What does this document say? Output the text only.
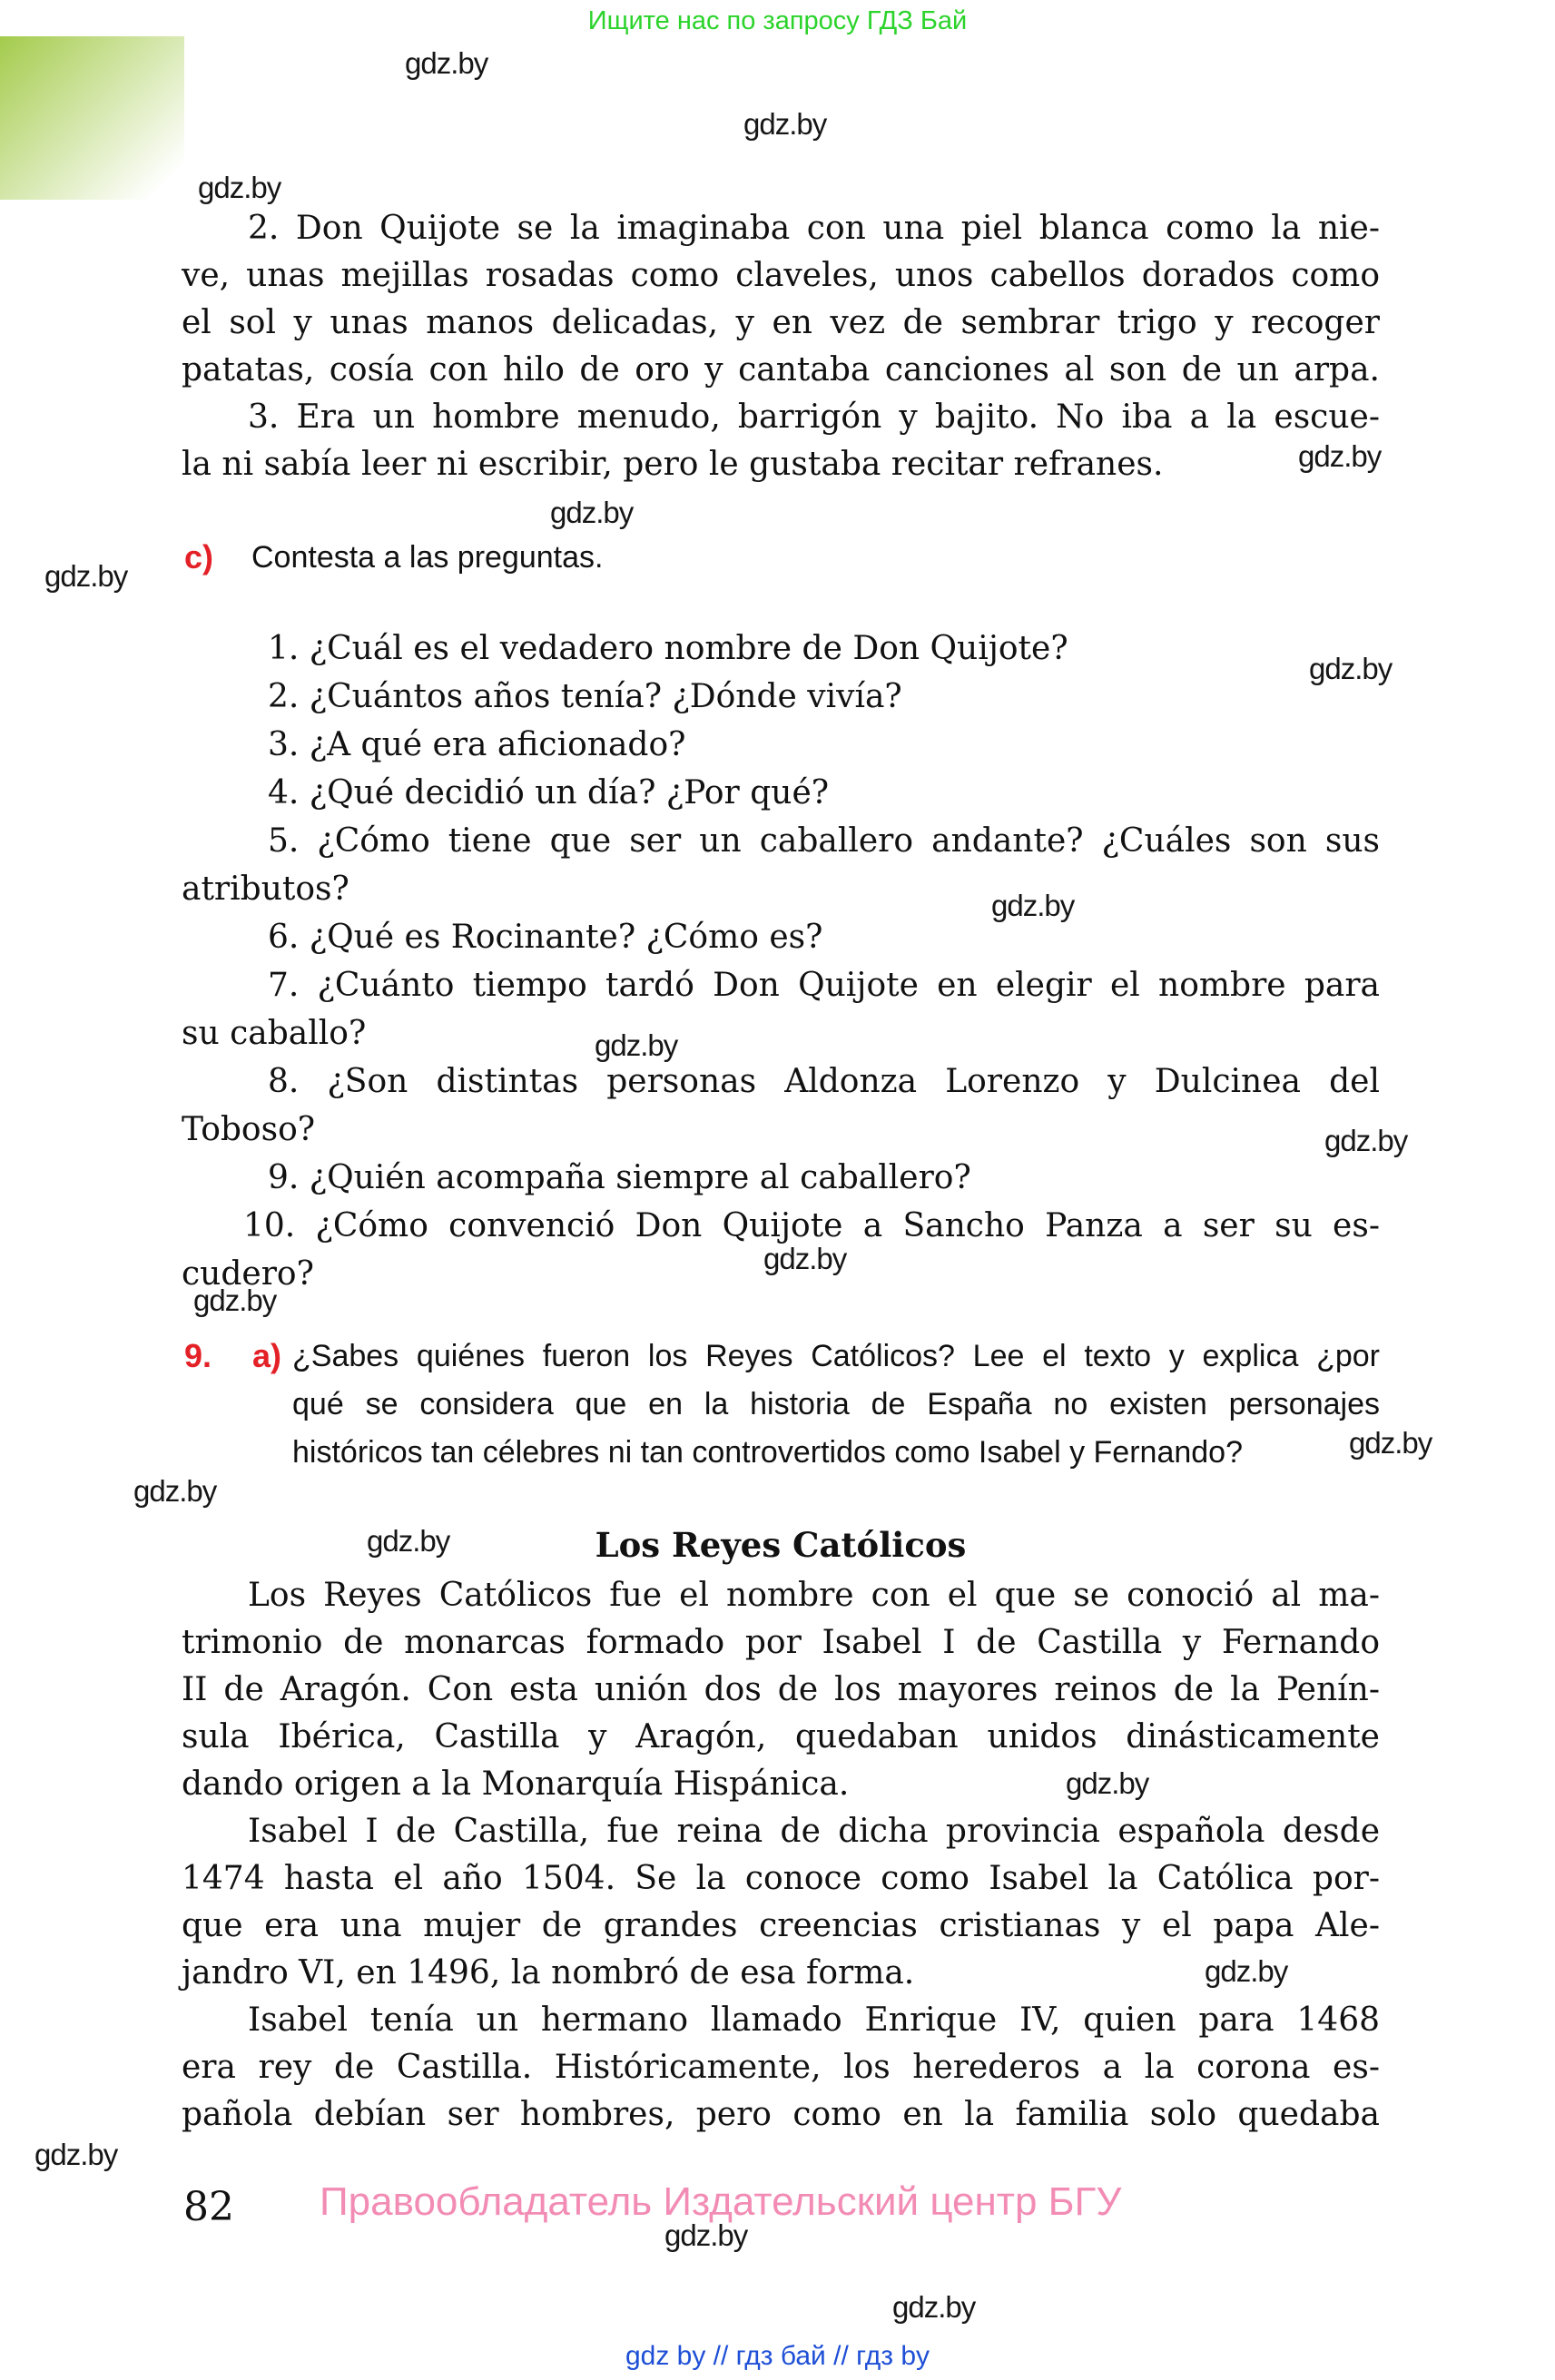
Ищите нас по запросу ГДЗ Бай
gdz.by
gdz.by
gdz.by
gdz.by
gdz.by
gdz.by
gdz.by
gdz.by
gdz.by
gdz.by
gdz.by
gdz.by
gdz.by
gdz.by
gdz.by
gdz.by
gdz.by
gdz.by
gdz.by
gdz.by
2. Don Quijote se la imaginaba con una piel blanca como la nie-
ve, unas mejillas rosadas como claveles, unos cabellos dorados como
el sol y unas manos delicadas, y en vez de sembrar trigo y recoger
patatas, cosía con hilo de oro y cantaba canciones al son de un arpa.
3. Era un hombre menudo, barrigón y bajito. No iba a la escue-
la ni sabía leer ni escribir, pero le gustaba recitar refranes.
c) Contesta a las preguntas.
1. ¿Cuál es el vedadero nombre de Don Quijote?
2. ¿Cuántos años tenía? ¿Dónde vivía?
3. ¿A qué era aficionado?
4. ¿Qué decidió un día? ¿Por qué?
5. ¿Cómo tiene que ser un caballero andante? ¿Cuáles son sus
atributos?
6. ¿Qué es Rocinante? ¿Cómo es?
7. ¿Cuánto tiempo tardó Don Quijote en elegir el nombre para
su caballo?
8. ¿Son distintas personas Aldonza Lorenzo y Dulcinea del
Toboso?
9. ¿Quién acompaña siempre al caballero?
10. ¿Cómo convenció Don Quijote a Sancho Panza a ser su es-
cudero?
9. a) ¿Sabes quiénes fueron los Reyes Católicos? Lee el texto y explica ¿por
qué se considera que en la historia de España no existen personajes
históricos tan célebres ni tan controvertidos como Isabel y Fernando?
Los Reyes Católicos
Los Reyes Católicos fue el nombre con el que se conoció al ma-
trimonio de monarcas formado por Isabel I de Castilla y Fernando
II de Aragón. Con esta unión dos de los mayores reinos de la Penín-
sula Ibérica, Castilla y Aragón, quedaban unidos dinásticamente
dando origen a la Monarquía Hispánica.
Isabel I de Castilla, fue reina de dicha provincia española desde
1474 hasta el año 1504. Se la conoce como Isabel la Católica por-
que era una mujer de grandes creencias cristianas y el papa Ale-
jandro VI, en 1496, la nombró de esa forma.
Isabel tenía un hermano llamado Enrique IV, quien para 1468
era rey de Castilla. Históricamente, los herederos a la corona es-
pañola debían ser hombres, pero como en la familia solo quedaba
82 Правообладатель Издательский центр БГУ
gdz by // гдз бай // гдз by
